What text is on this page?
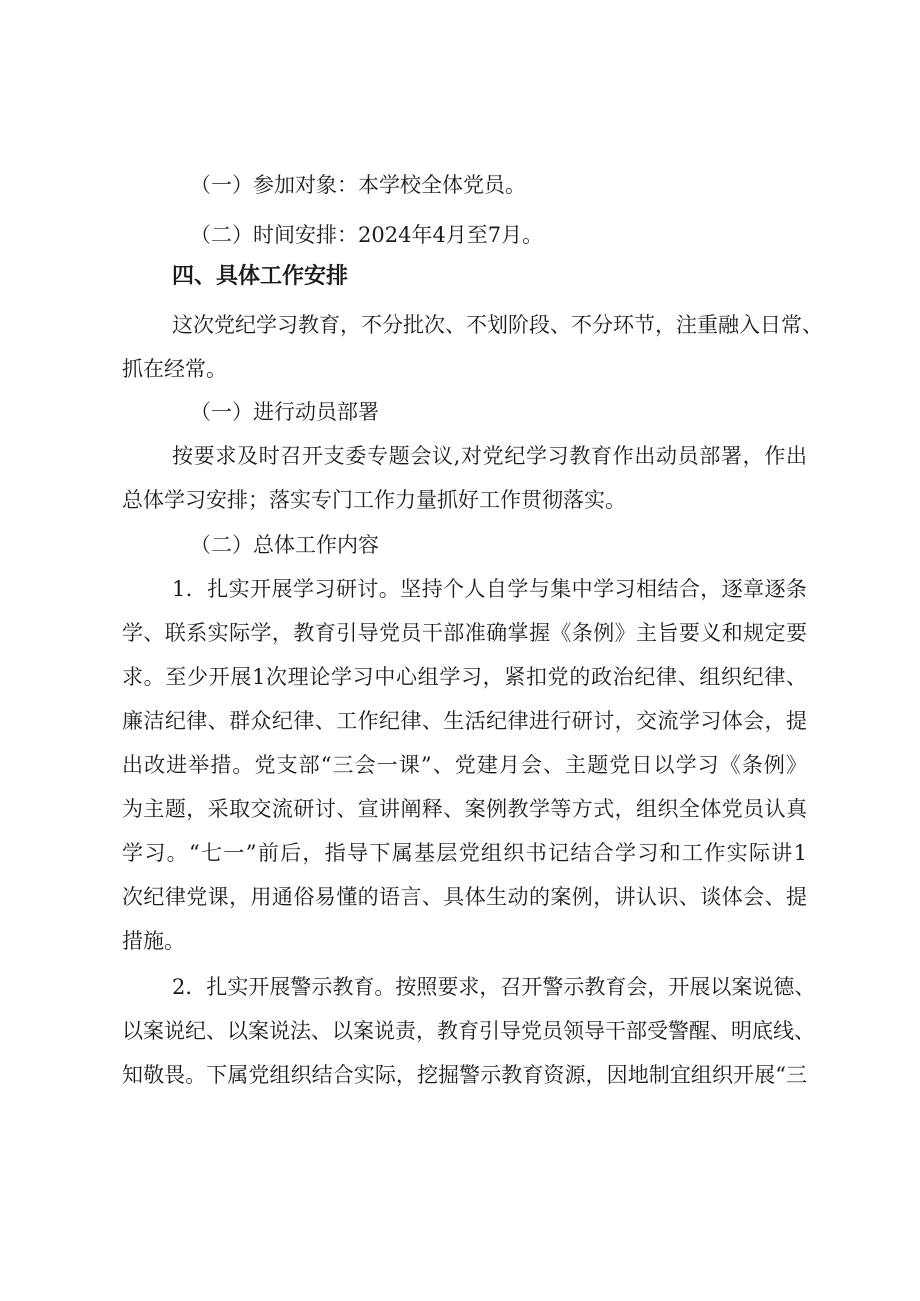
（一）参加对象：本学校全体党员。
（二）时间安排：2024年4月至7月。
四、具体工作安排
这次党纪学习教育，不分批次、不划阶段、不分环节，注重融入日常、
抓在经常。
（一）进行动员部署
按要求及时召开支委专题会议,对党纪学习教育作出动员部署，作出
总体学习安排；落实专门工作力量抓好工作贯彻落实。
（二）总体工作内容
1．扎实开展学习研讨。坚持个人自学与集中学习相结合，逐章逐条
学、联系实际学，教育引导党员干部准确掌握《条例》主旨要义和规定要
求。至少开展1次理论学习中心组学习，紧扣党的政治纪律、组织纪律、
廉洁纪律、群众纪律、工作纪律、生活纪律进行研讨，交流学习体会，提
出改进举措。党支部“三会一课”、党建月会、主题党日以学习《条例》
为主题，采取交流研讨、宣讲阐释、案例教学等方式，组织全体党员认真
学习。“七一”前后，指导下属基层党组织书记结合学习和工作实际讲1
次纪律党课，用通俗易懂的语言、具体生动的案例，讲认识、谈体会、提
措施。
2．扎实开展警示教育。按照要求，召开警示教育会，开展以案说德、
以案说纪、以案说法、以案说责，教育引导党员领导干部受警醒、明底线、
知敬畏。下属党组织结合实际，挖掘警示教育资源，因地制宜组织开展“三
